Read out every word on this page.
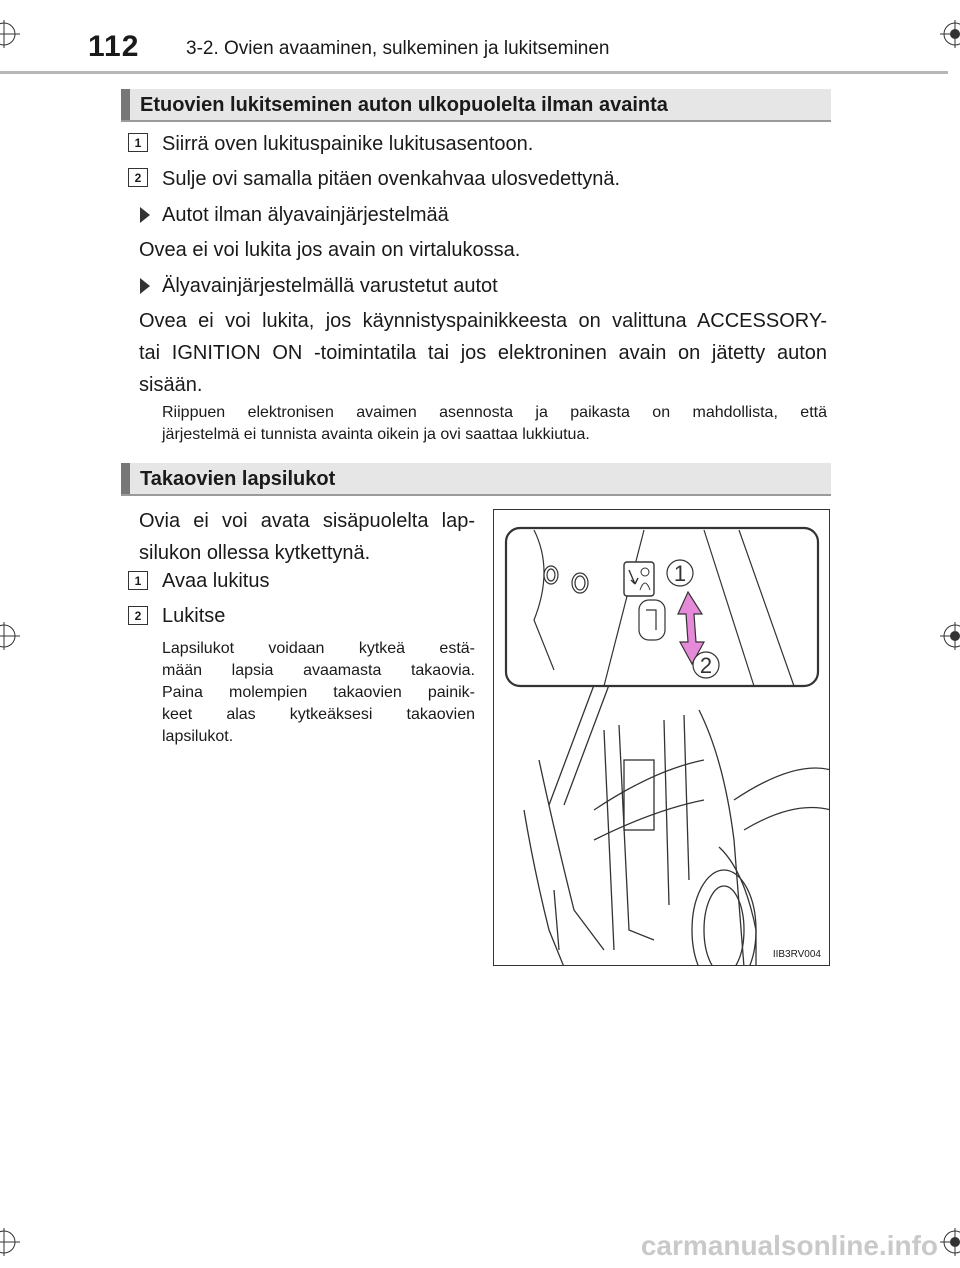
112 3-2. Ovien avaaminen, sulkeminen ja lukitseminen
Etuovien lukitseminen auton ulkopuolelta ilman avainta
1	Siirrä oven lukituspainike lukitusasentoon.
2	Sulje ovi samalla pitäen ovenkahvaa ulosvedettynä.
Autot ilman älyavainjärjestelmää
Ovea ei voi lukita jos avain on virtalukossa.
Älyavainjärjestelmällä varustetut autot
Ovea ei voi lukita, jos käynnistyspainikkeesta on valittuna ACCESSORY-
tai IGNITION ON -toimintatila tai jos elektroninen avain on jätetty auton
sisään.
Riippuen elektronisen avaimen asennosta ja paikasta on mahdollista, että
järjestelmä ei tunnista avainta oikein ja ovi saattaa lukkiutua.
Takaovien lapsilukot
Ovia ei voi avata sisäpuolelta lap-
silukon ollessa kytkettynä.
1	Avaa lukitus
2	Lukitse
Lapsilukot voidaan kytkeä estä-
mään lapsia avaamasta takaovia.
Paina molempien takaovien painik-
keet alas kytkeäksesi takaovien
lapsilukot.
1
2
IIB3RV004
carmanualsonline.info
